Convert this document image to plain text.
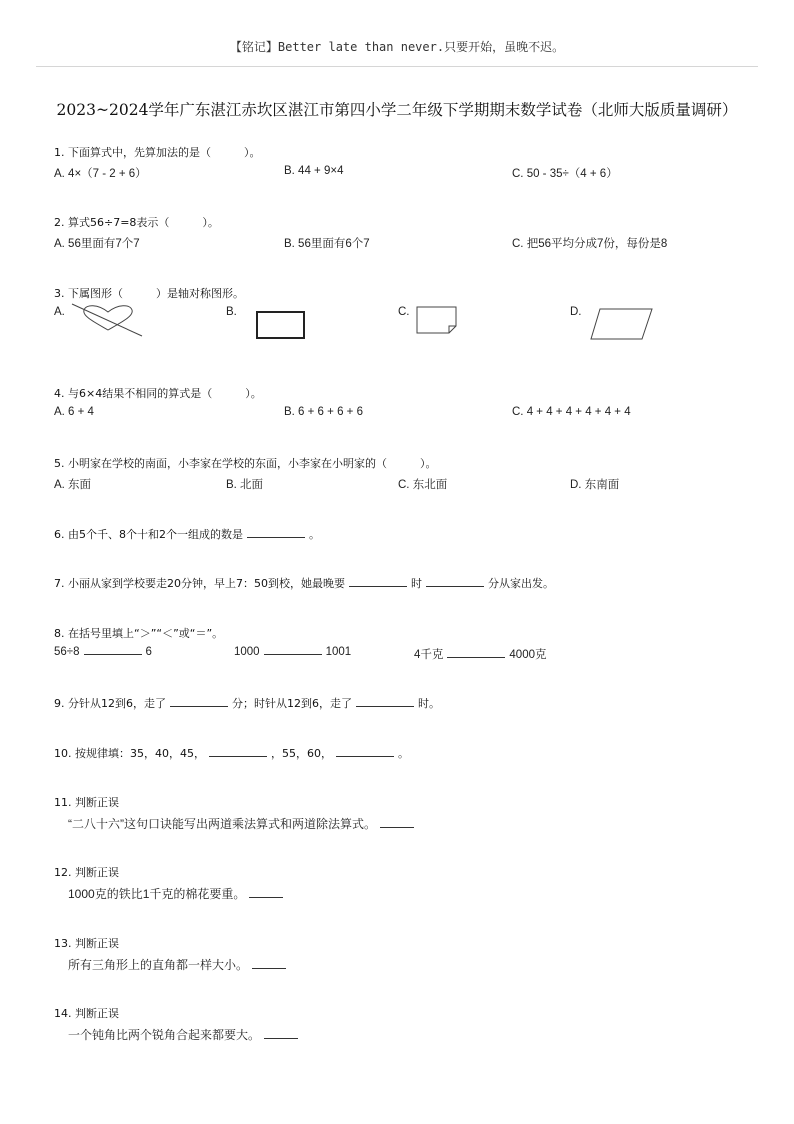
【铭记】Better late than never.只要开始，虽晚不迟。
2023~2024学年广东湛江赤坎区湛江市第四小学二年级下学期期末数学试卷（北师大版质量调研）
1. 下面算式中，先算加法的是（　　　）。
A. 4×（7 - 2 + 6）	B. 44 + 9×4	C. 50 - 35÷（4 + 6）
2. 算式56÷7=8表示（　　　）。
A. 56里面有7个7	B. 56里面有6个7	C. 把56平均分成7份，每份是8
3. 下属图形（　　　）是轴对称图形。
A.	B.	C.	D.
4. 与6×4结果不相同的算式是（　　　）。
A. 6 + 4	B. 6 + 6 + 6 + 6	C. 4 + 4 + 4 + 4 + 4 + 4
5. 小明家在学校的南面，小李家在学校的东面，小李家在小明家的（　　　）。
A. 东面	B. 北面	C. 东北面	D. 东南面
6. 由5个千、8个十和2个一组成的数是	。
7. 小丽从家到学校要走20分钟，早上7：50到校，她最晚要	时	分从家出发。
8. 在括号里填上“＞”“＜”或“＝”。
56÷8	6	1000	1001	4千克	4000克
9. 分针从12到6，走了	分；时针从12到6，走了	时。
10. 按规律填：35，40，45，	，55，60，	。
11. 判断正误
“二八十六”这句口诀能写出两道乘法算式和两道除法算式。
12. 判断正误
1000克的铁比1千克的棉花要重。
13. 判断正误
所有三角形上的直角都一样大小。
14. 判断正误
一个钝角比两个锐角合起来都要大。
